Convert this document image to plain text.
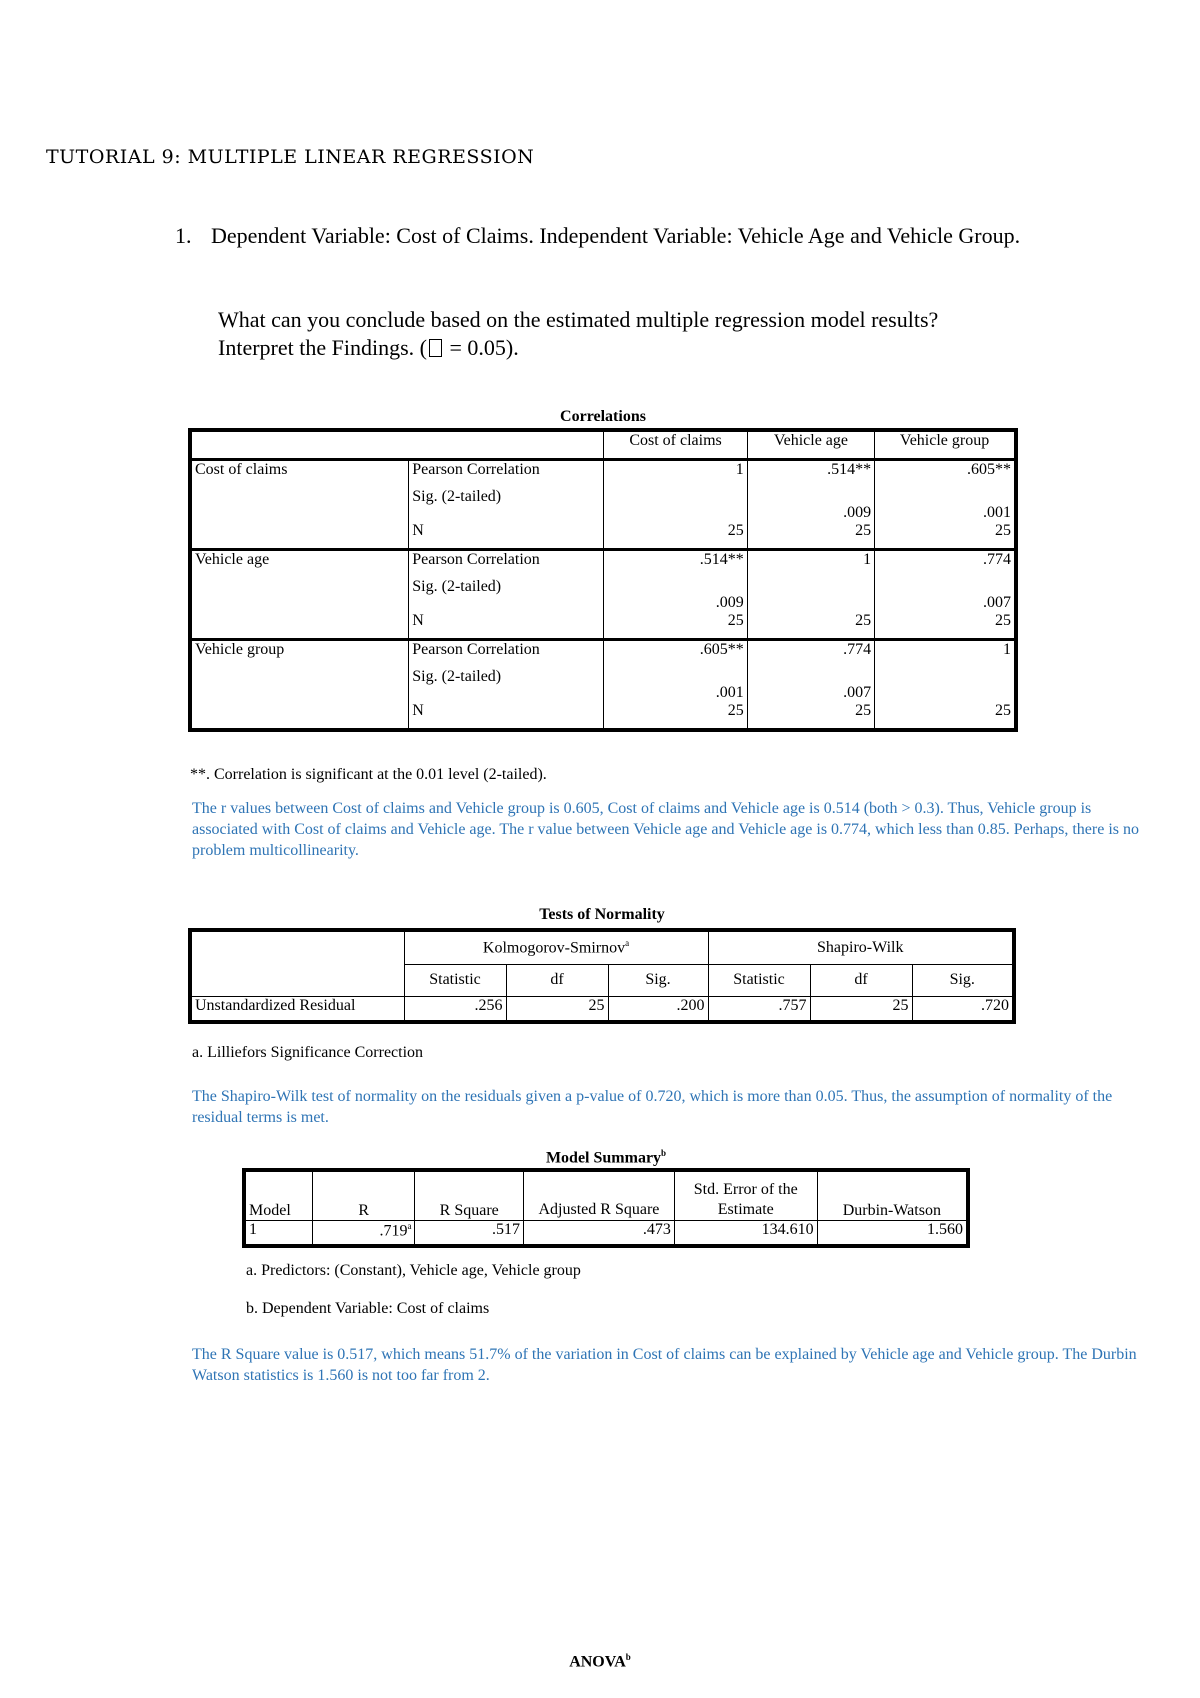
TUTORIAL 9: MULTIPLE LINEAR REGRESSION
1. Dependent Variable: Cost of Claims. Independent Variable: Vehicle Age and Vehicle Group.
What can you conclude based on the estimated multiple regression model results?
Interpret the Findings. ( = 0.05).
Correlations
		Cost of claims	Vehicle age	Vehicle group
Cost of claims	Pearson Correlation	1	.514**	.605**
	Sig. (2-tailed)		.009	.001
	N	25	25	25
Vehicle age	Pearson Correlation	.514**	1	.774
	Sig. (2-tailed)	.009		.007
	N	25	25	25
Vehicle group	Pearson Correlation	.605**	.774	1
	Sig. (2-tailed)	.001	.007	
	N	25	25	25
**. Correlation is significant at the 0.01 level (2-tailed).
The r values between Cost of claims and Vehicle group is 0.605, Cost of claims and Vehicle age is 0.514 (both > 0.3). Thus, Vehicle group is associated with Cost of claims and Vehicle age. The r value between Vehicle age and Vehicle age is 0.774, which less than 0.85. Perhaps, there is no problem multicollinearity.
Tests of Normality
	Kolmogorov-Smirnov$^a$			Shapiro-Wilk		
	Statistic	df	Sig.	Statistic	df	Sig.
Unstandardized Residual	.256	25	.200	.757	25	.720
a. Lilliefors Significance Correction
The Shapiro-Wilk test of normality on the residuals given a p-value of 0.720, which is more than 0.05. Thus, the assumption of normality of the residual terms is met.
Model Summary$^b$
Model	R	R Square	Adjusted R Square	Std. Error of the Estimate	Durbin-Watson
1	.719$^a$	.517	.473	134.610	1.560
a. Predictors: (Constant), Vehicle age, Vehicle group
b. Dependent Variable: Cost of claims
The R Square value is 0.517, which means 51.7% of the variation in Cost of claims can be explained by Vehicle age and Vehicle group. The Durbin Watson statistics is 1.560 is not too far from 2.
ANOVA$^b$
